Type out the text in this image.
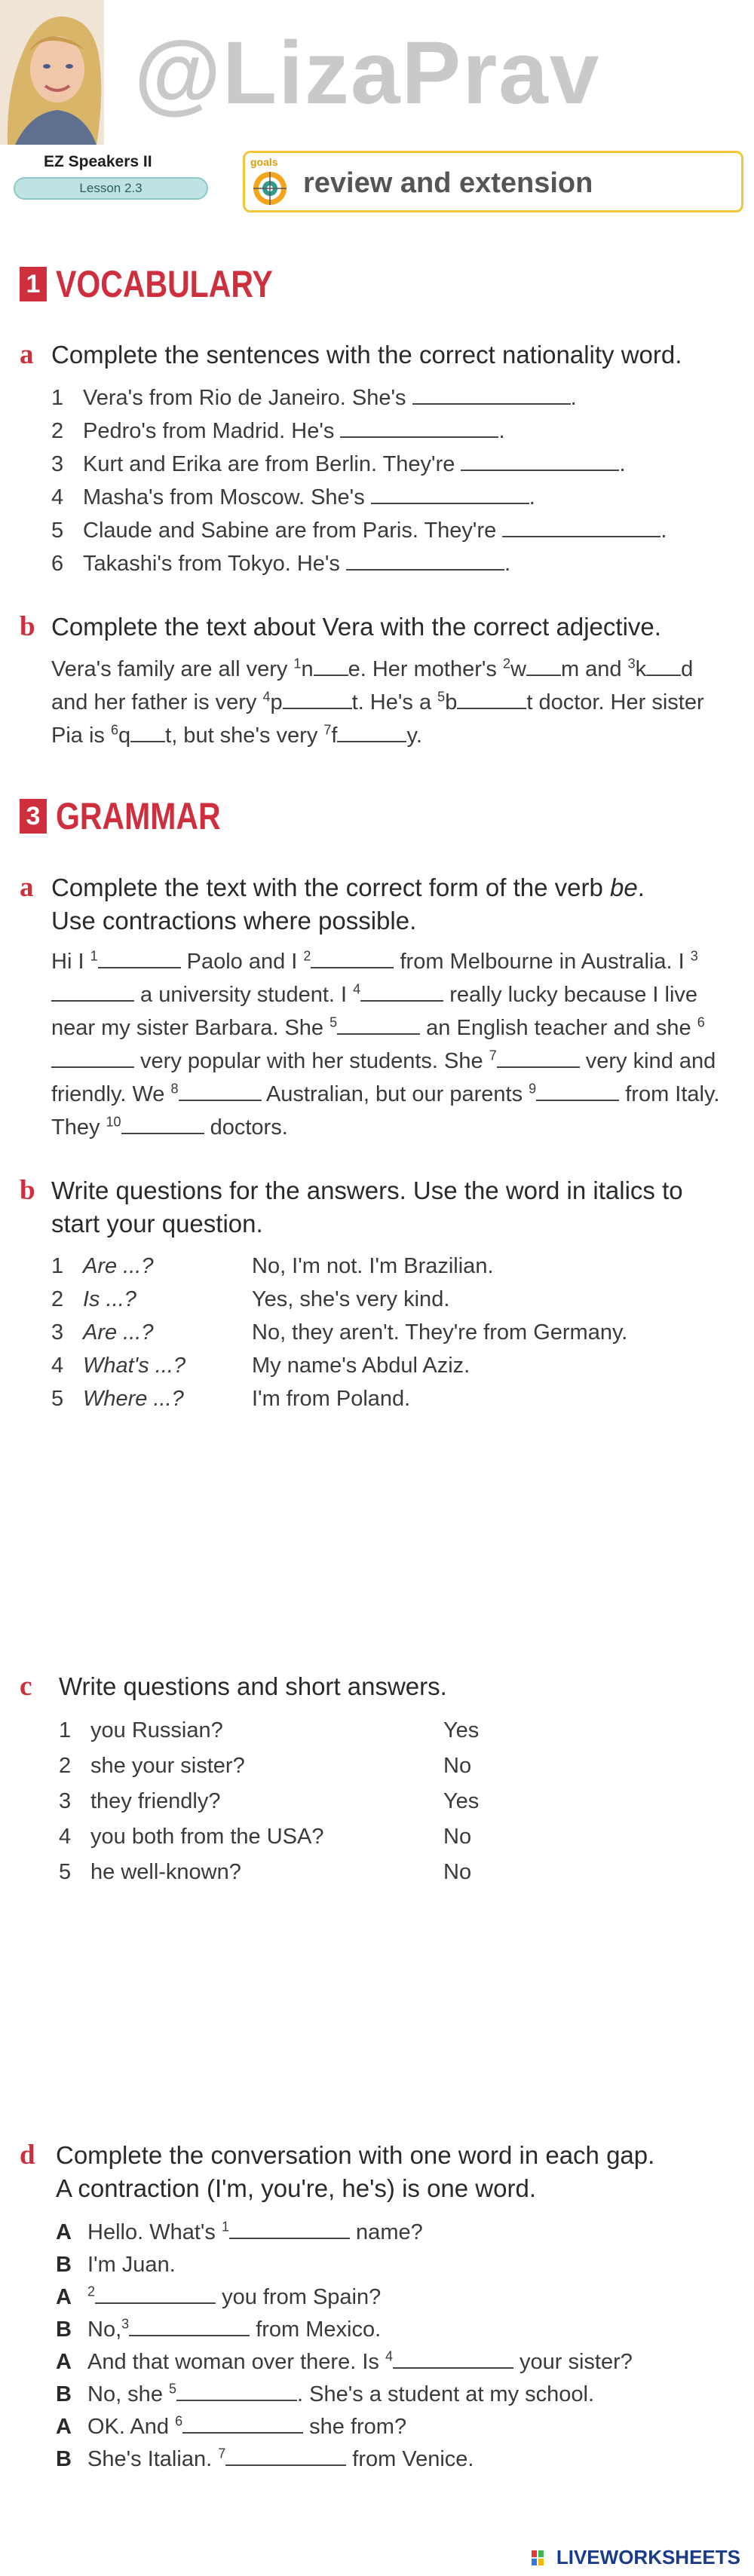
@LizaPrav
EZ Speakers II
Lesson 2.3
goals
review and extension
1 VOCABULARY
a Complete the sentences with the correct nationality word.
1 Vera's from Rio de Janeiro. She's	.
2 Pedro's from Madrid. He's	.
3 Kurt and Erika are from Berlin. They're	.
4 Masha's from Moscow. She's	.
5 Claude and Sabine are from Paris. They're	.
6 Takashi's from Tokyo. He's	.
b Complete the text about Vera with the correct adjective.
Vera's family are all very $^1$n e. Her mother's $^2$w m and $^3$k d and her father is very $^4$p	t. He's a $^5$b	t doctor. Her sister Pia is $^6$q t, but she's very $^7$f	y.
3 GRAMMAR
a Complete the text with the correct form of the verb be.
Use contractions where possible.
Hi I $^1$	Paolo and I $^2$	from Melbourne in Australia. I $^3$ a university student. I $^4$	really lucky because I live near my sister Barbara. She $^5$	an English teacher and she $^6$ very popular with her students. She $^7$	very kind and friendly. We $^8$	Australian, but our parents $^9$	from Italy. They $^{10}$	doctors.
b Write questions for the answers. Use the word in italics to start your question.
1 Are ...?	No, I'm not. I'm Brazilian.
2 Is ...?	Yes, she's very kind.
3 Are ...?	No, they aren't. They're from Germany.
4 What's ...?	My name's Abdul Aziz.
5 Where ...?	I'm from Poland.
c Write questions and short answers.
1 you Russian?	Yes
2 she your sister?	No
3 they friendly?	Yes
4 you both from the USA?	No
5 he well-known?	No
d Complete the conversation with one word in each gap.
A contraction (I'm, you're, he's) is one word.
A Hello. What's $^1$	name?
B I'm Juan.
A $^2$	you from Spain?
B No,$^3$	from Mexico.
A And that woman over there. Is $^4$	your sister?
B No, she $^5$	. She's a student at my school.
A OK. And $^6$	she from?
B She's Italian. $^7$	from Venice.
LIVEWORKSHEETS
